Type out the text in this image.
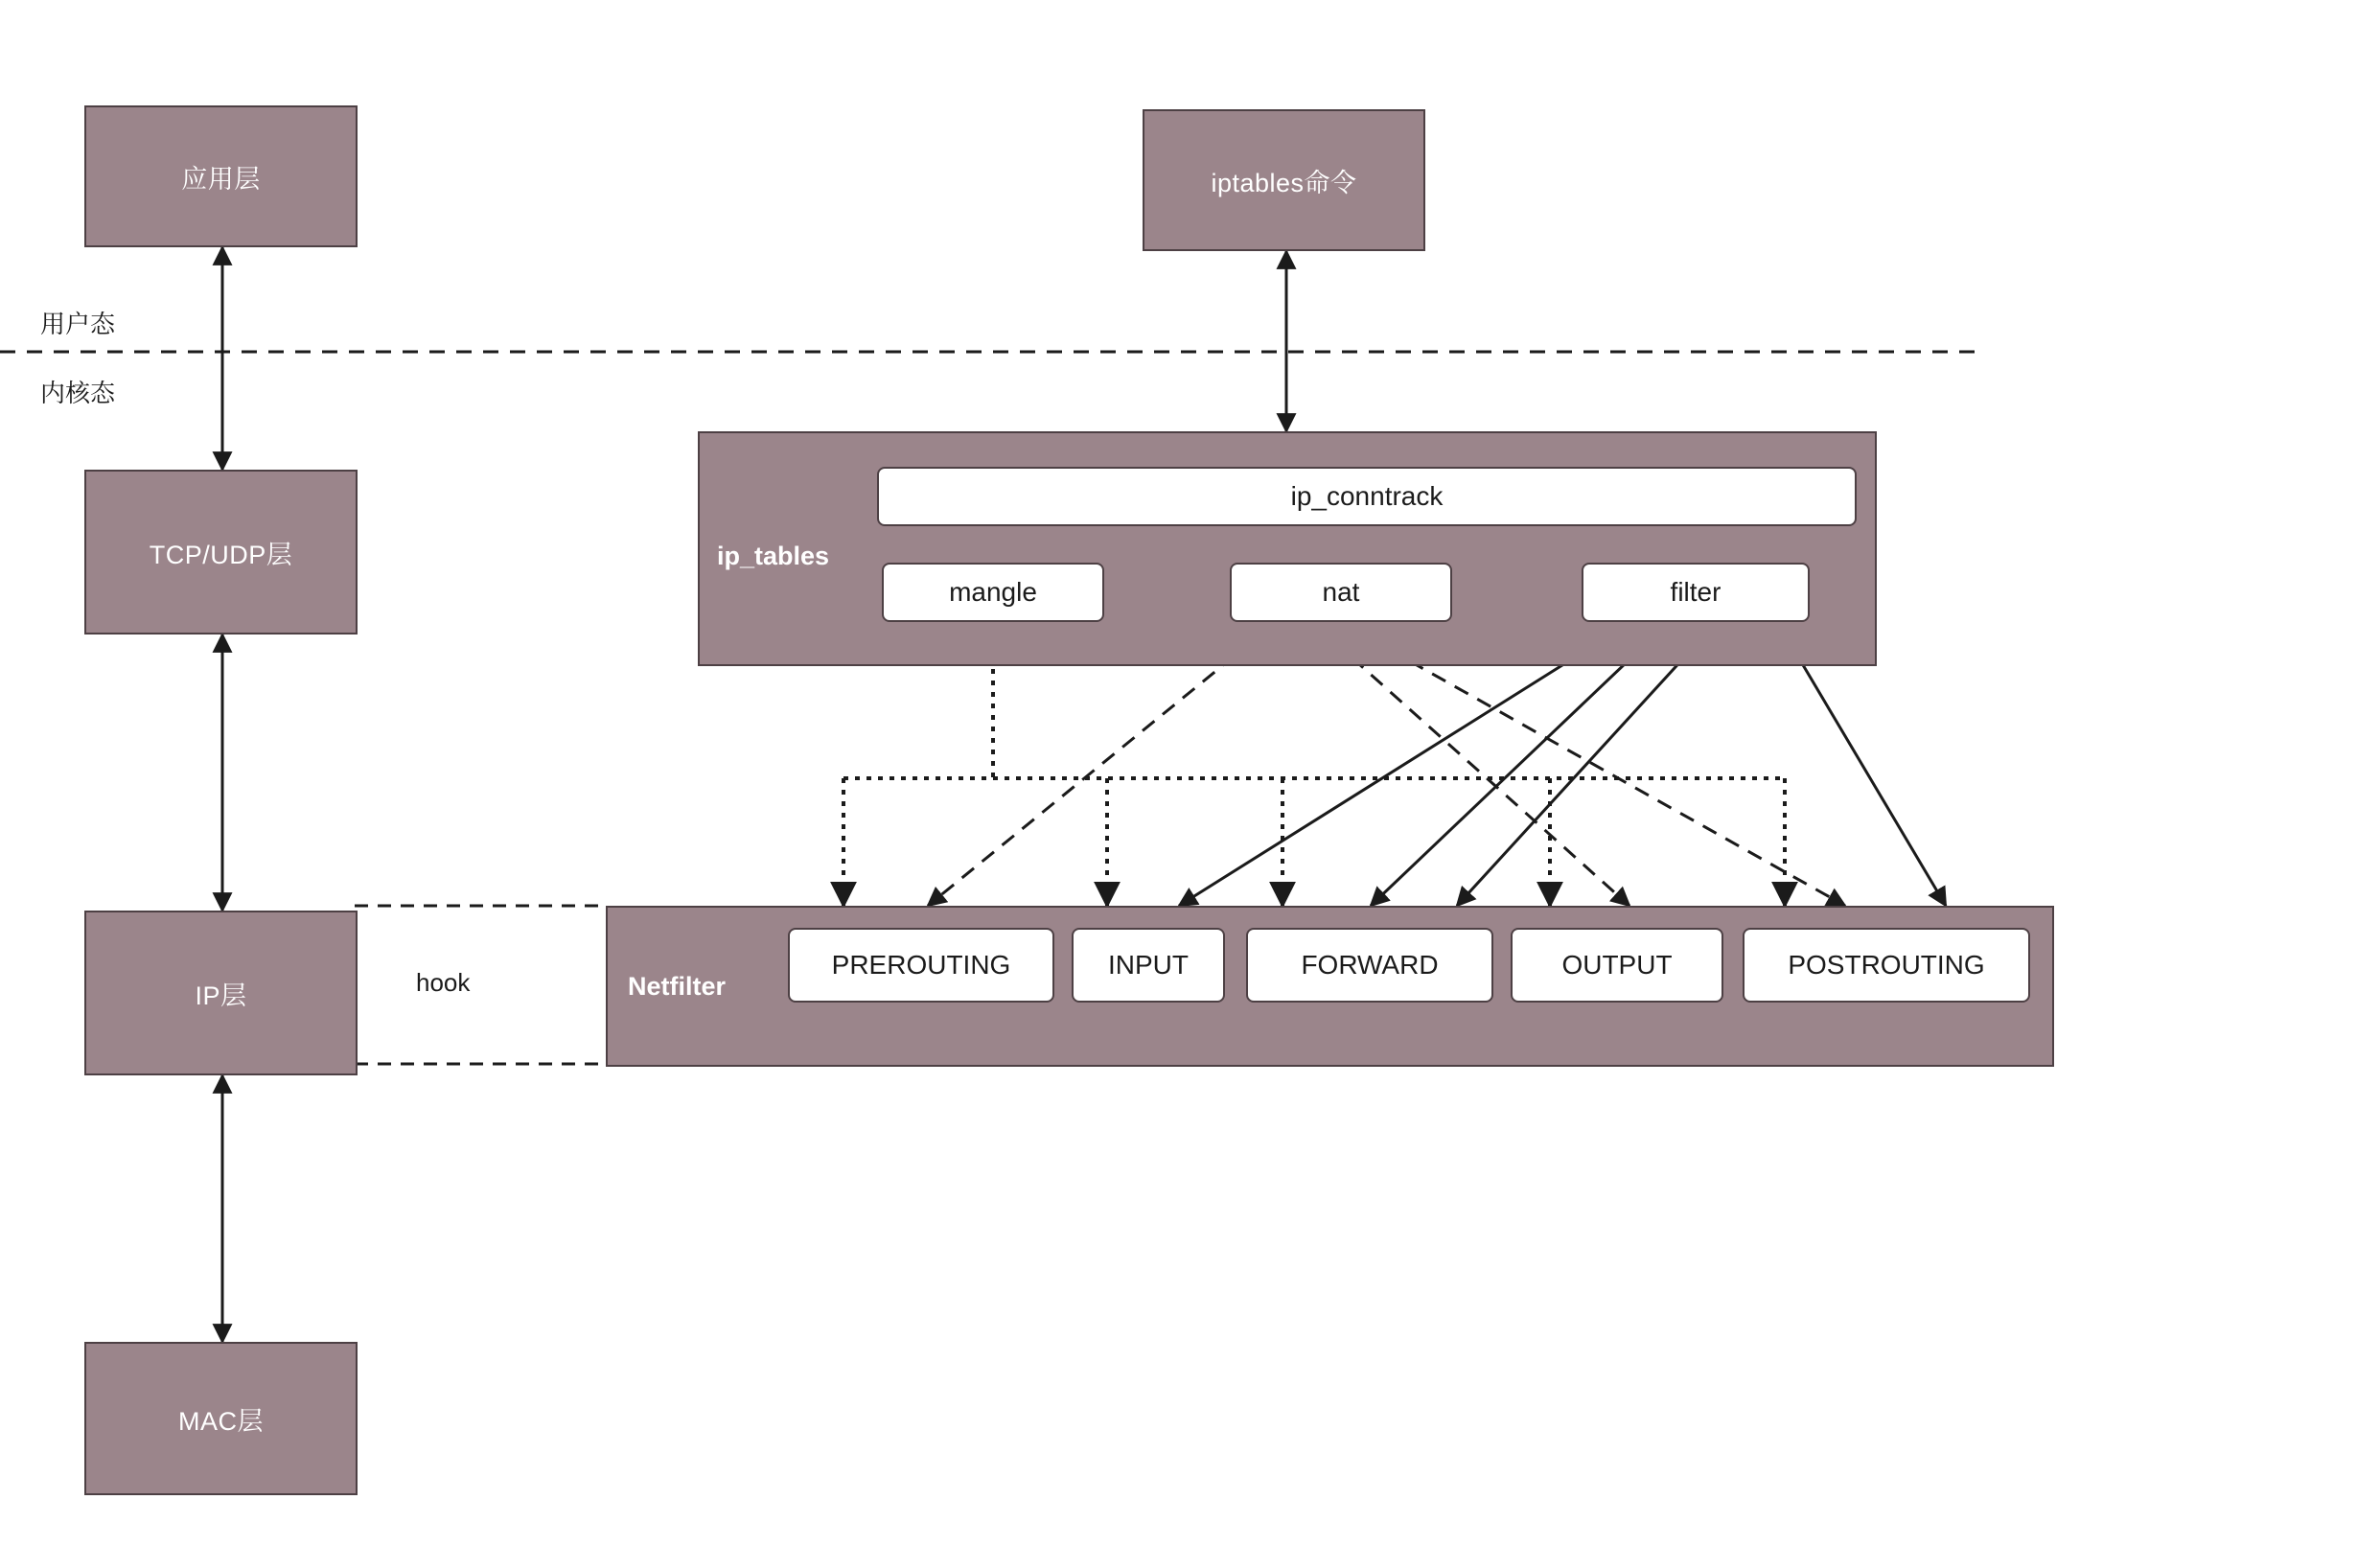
应用层
TCP/UDP层
IP层
MAC层
iptables命令
用户态
内核态
hook
ip_tables
ip_conntrack
mangle	nat	filter
Netfilter
PREROUTING	INPUT	FORWARD	OUTPUT	POSTROUTING
